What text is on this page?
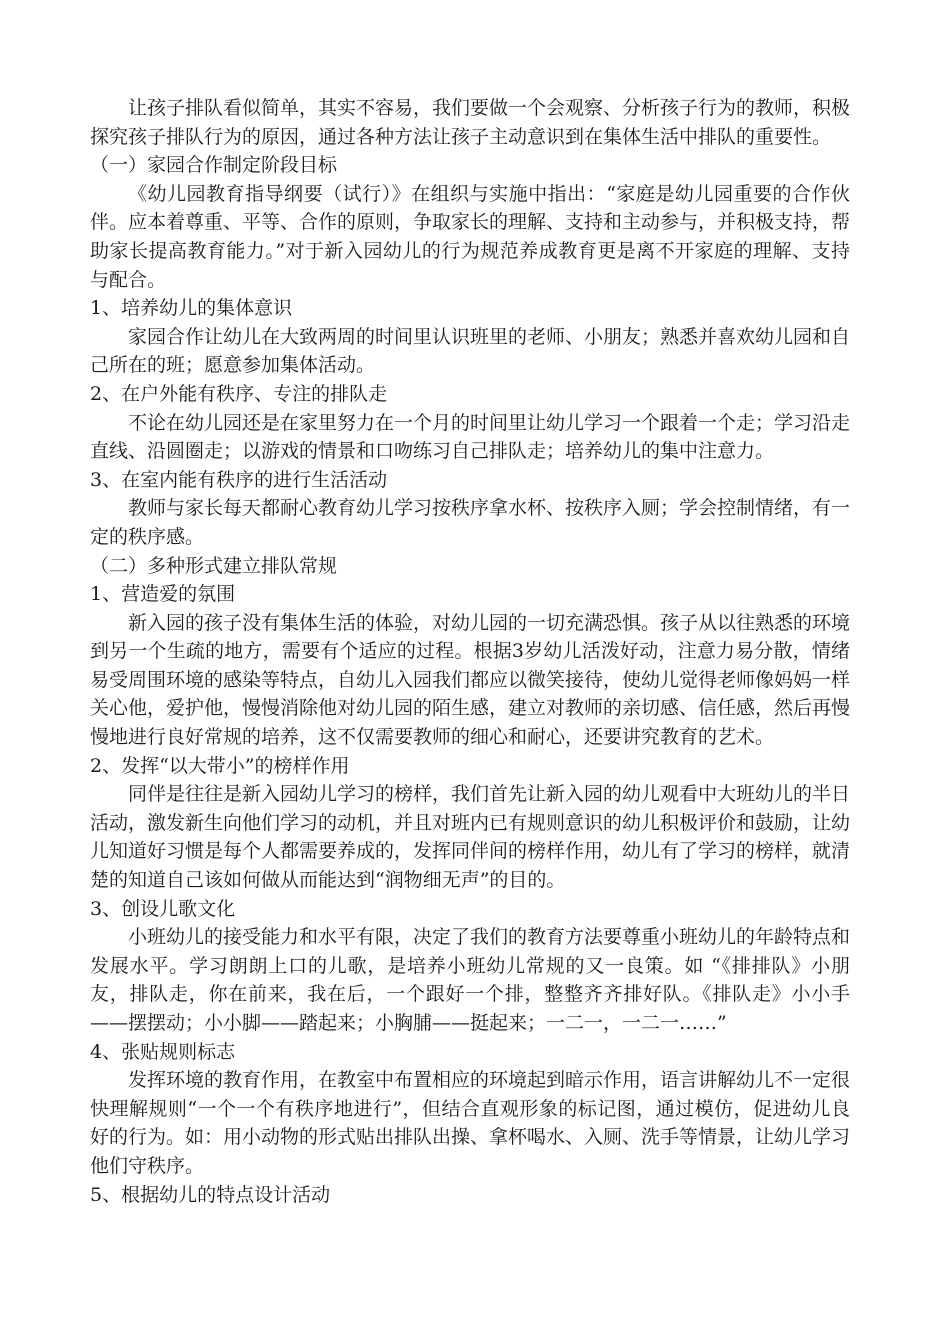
让孩子排队看似简单，其实不容易，我们要做一个会观察、分析孩子行为的教师，积极探究孩子排队行为的原因，通过各种方法让孩子主动意识到在集体生活中排队的重要性。

（一）家园合作制定阶段目标

《幼儿园教育指导纲要（试行）》在组织与实施中指出：“家庭是幼儿园重要的合作伙伴。应本着尊重、平等、合作的原则，争取家长的理解、支持和主动参与，并积极支持，帮助家长提高教育能力。”对于新入园幼儿的行为规范养成教育更是离不开家庭的理解、支持与配合。

1、培养幼儿的集体意识

家园合作让幼儿在大致两周的时间里认识班里的老师、小朋友；熟悉并喜欢幼儿园和自己所在的班；愿意参加集体活动。

2、在户外能有秩序、专注的排队走

不论在幼儿园还是在家里努力在一个月的时间里让幼儿学习一个跟着一个走；学习沿走直线、沿圆圈走；以游戏的情景和口吻练习自己排队走；培养幼儿的集中注意力。

3、在室内能有秩序的进行生活活动

教师与家长每天都耐心教育幼儿学习按秩序拿水杯、按秩序入厕；学会控制情绪，有一定的秩序感。

（二）多种形式建立排队常规

1、营造爱的氛围

新入园的孩子没有集体生活的体验，对幼儿园的一切充满恐惧。孩子从以往熟悉的环境到另一个生疏的地方，需要有个适应的过程。根据3岁幼儿活泼好动，注意力易分散，情绪易受周围环境的感染等特点，自幼儿入园我们都应以微笑接待，使幼儿觉得老师像妈妈一样关心他，爱护他，慢慢消除他对幼儿园的陌生感，建立对教师的亲切感、信任感，然后再慢慢地进行良好常规的培养，这不仅需要教师的细心和耐心，还要讲究教育的艺术。

2、发挥“以大带小”的榜样作用

同伴是往往是新入园幼儿学习的榜样，我们首先让新入园的幼儿观看中大班幼儿的半日活动，激发新生向他们学习的动机，并且对班内已有规则意识的幼儿积极评价和鼓励，让幼儿知道好习惯是每个人都需要养成的，发挥同伴间的榜样作用，幼儿有了学习的榜样，就清楚的知道自己该如何做从而能达到“润物细无声”的目的。

3、创设儿歌文化

小班幼儿的接受能力和水平有限，决定了我们的教育方法要尊重小班幼儿的年龄特点和发展水平。学习朗朗上口的儿歌，是培养小班幼儿常规的又一良策。如 “《排排队》小朋友，排队走，你在前来，我在后，一个跟好一个排，整整齐齐排好队。《排队走》小小手——摆摆动；小小脚——踏起来；小胸脯——挺起来；一二一，一二一……”

4、张贴规则标志

发挥环境的教育作用，在教室中布置相应的环境起到暗示作用，语言讲解幼儿不一定很快理解规则“一个一个有秩序地进行”，但结合直观形象的标记图，通过模仿，促进幼儿良好的行为。如：用小动物的形式贴出排队出操、拿杯喝水、入厕、洗手等情景，让幼儿学习他们守秩序。

5、根据幼儿的特点设计活动
